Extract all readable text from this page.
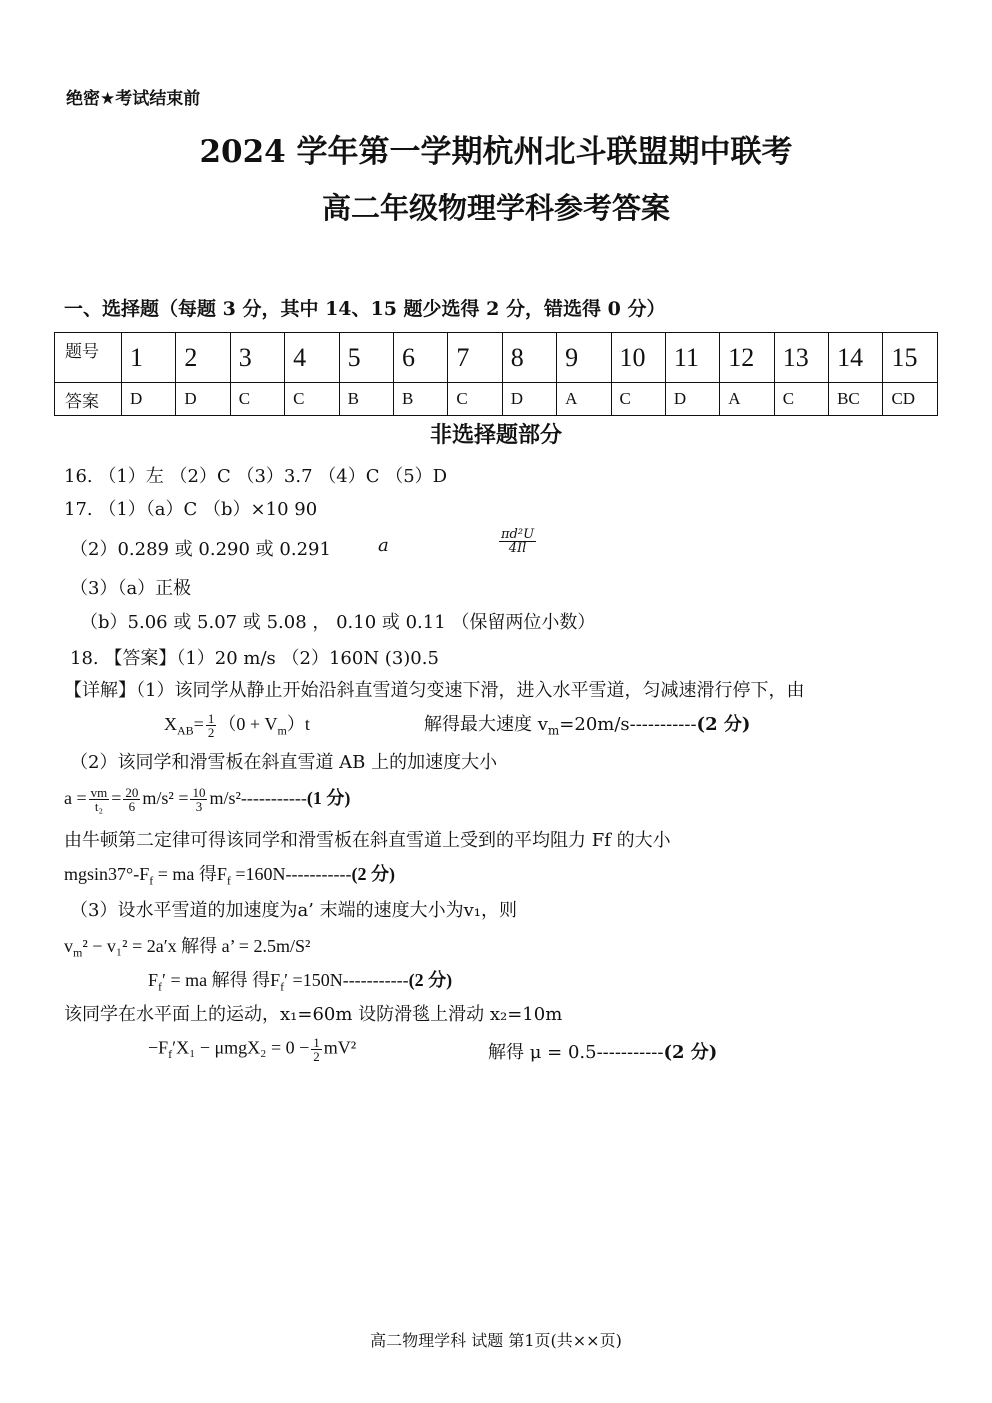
绝密★考试结束前
2024 学年第一学期杭州北斗联盟期中联考
高二年级物理学科参考答案
一、选择题（每题 3 分，其中 14、15 题少选得 2 分，错选得 0 分）
题号	1	2	3	4	5	6	7	8	9	10	11	12	13	14	15
答案	D	D	C	C	B	B	C	D	A	C	D	A	C	BC	CD
非选择题部分
16. （1）左 （2）C （3）3.7 （4）C （5）D
17. （1）（a）C （b）×10 90
（2）0.289 或 0.290 或 0.291	a	$\frac{\text{πd²U}}{4Il}$
（3）（a）正极
（b）5.06 或 5.07 或 5.08 ， 0.10 或 0.11 （保留两位小数）
18. 【答案】（1）20 m/s （2）160N (3)0.5
【详解】（1）该同学从静止开始沿斜直雪道匀变速下滑，进入水平雪道，匀减速滑行停下，由
$X_{AB}= \frac{1}{2} (0 + V_m)t$	解得最大速度 $v_m=20m/s-----------(2$ 分)
（2）该同学和滑雪板在斜直雪道 AB 上的加速度大小
$a = \frac{vm}{\text{t₂}} = \frac{20}{6} m/s^2 = \frac{10}{3} m/s^2-----------(1$ 分)
由牛顿第二定律可得该同学和滑雪板在斜直雪道上受到的平均阻力 Ff 的大小
$mgsin37^\circ-F_f$ = ma 得$F_f =160N-----------(2$ 分)
（3）设水平雪道的加速度为a’ 末端的速度大小为v₁，则
$v_m^2 - v_1^2 = 2a'x$ 解得 a’ = 2.5m/S²
$F_f'$ = ma 解得 得$F_f' =150N-----------(2$ 分)
该同学在水平面上的运动，x₁=60m 设防滑毯上滑动 x₂=10m
$-F_f'X_1 - \mu mgX_2 = 0 - \frac{1}{2} mV^2$	解得 μ = 0.5-----------(2 分)
高二物理学科 试题 第1页(共××页)
